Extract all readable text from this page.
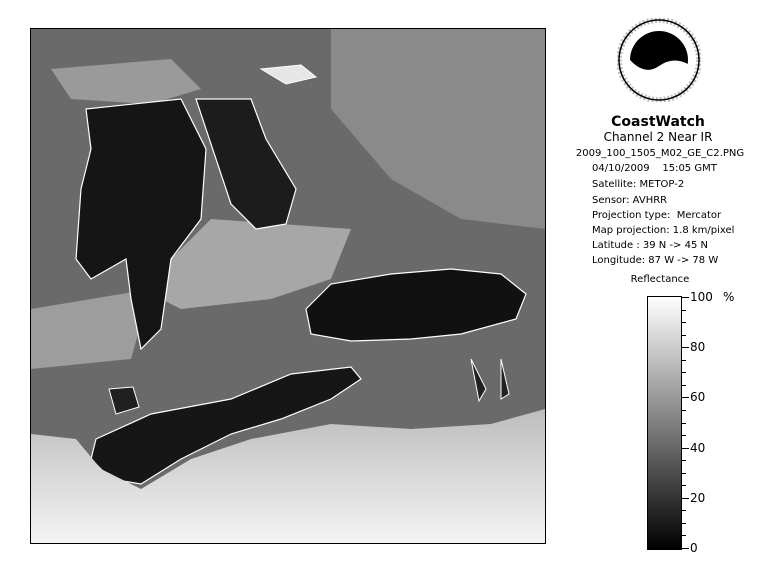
CoastWatch
Channel 2 Near IR
2009_100_1505_M02_GE_C2.PNG
04/10/2009    15:05 GMT
Satellite: METOP-2
Sensor: AVHRR
Projection type:  Mercator
Map projection: 1.8 km/pixel
Latitude : 39 N -> 45 N
Longitude: 87 W -> 78 W
Reflectance
%
100
80
60
40
20
0
